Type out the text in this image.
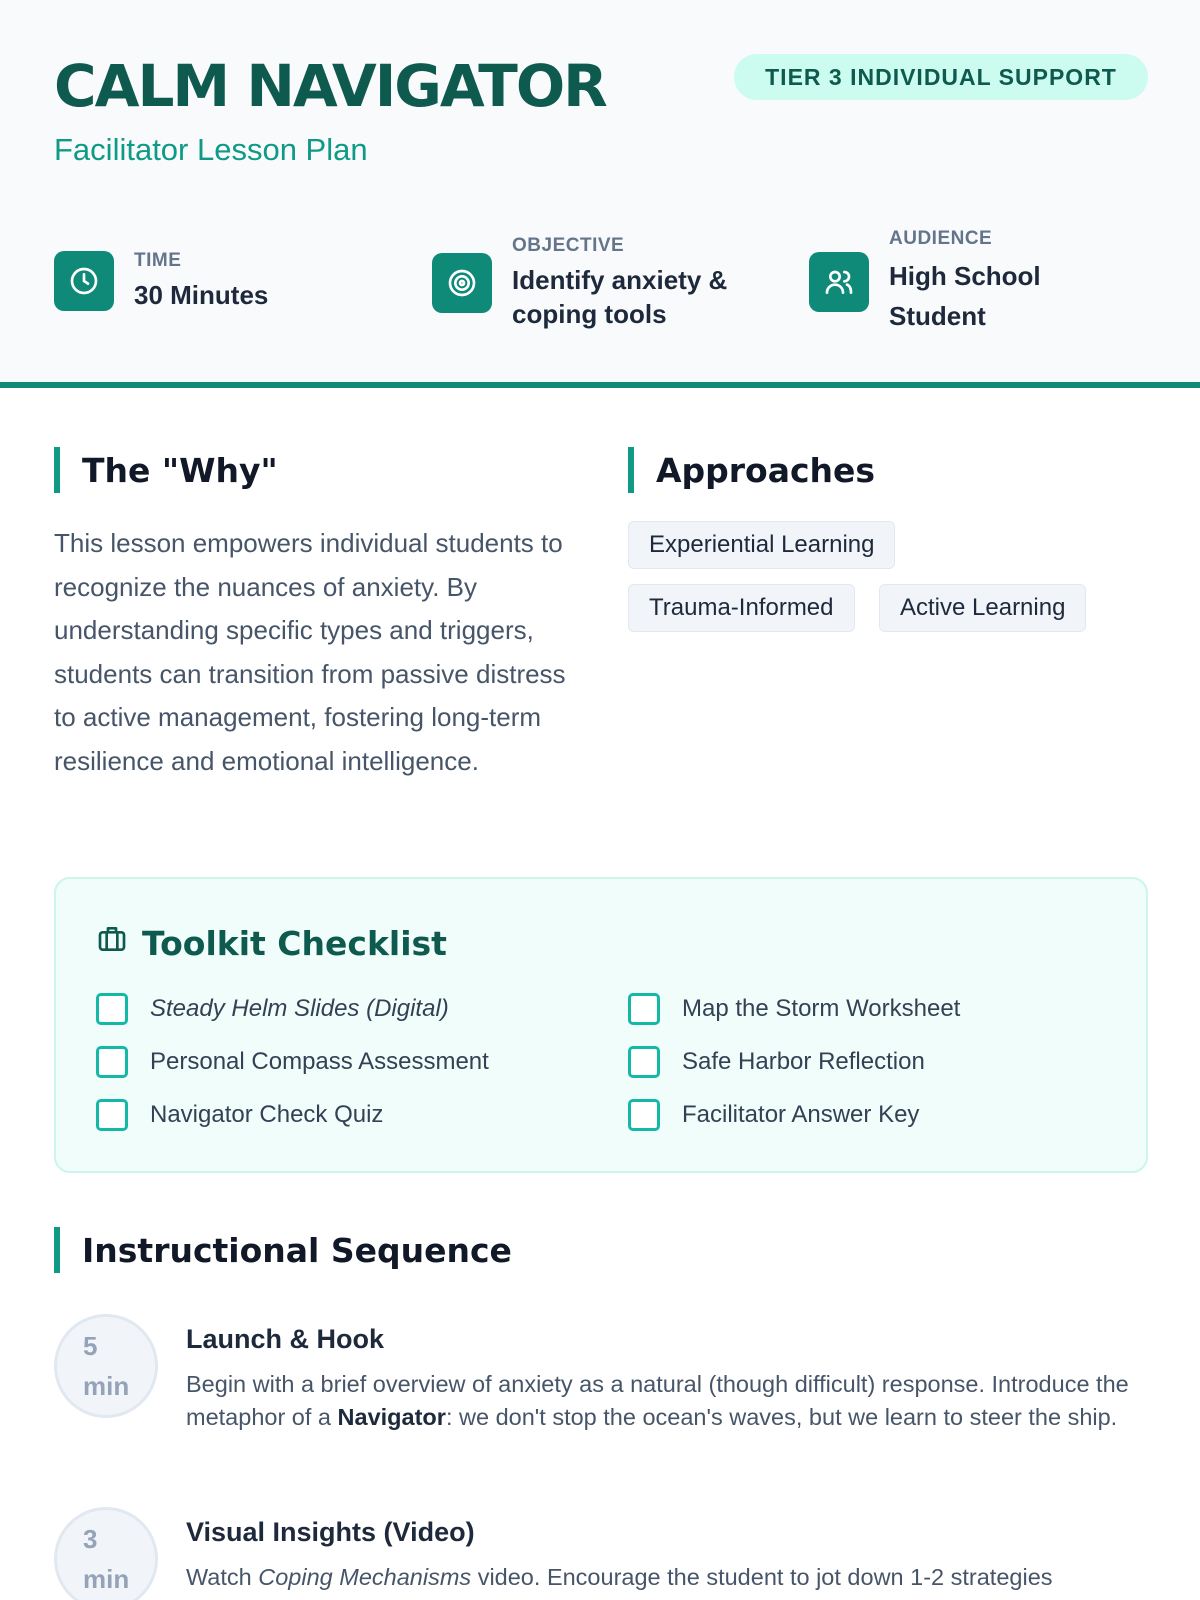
CALM NAVIGATOR
Facilitator Lesson Plan
TIER 3 INDIVIDUAL SUPPORT
TIME
30 Minutes
OBJECTIVE
Identify anxiety &
coping tools
AUDIENCE
High School
Student
The "Why"
This lesson empowers individual students to recognize the nuances of anxiety. By understanding specific types and triggers, students can transition from passive distress to active management, fostering long-term resilience and emotional intelligence.
Approaches
Experiential Learning
Trauma-Informed	Active Learning
Toolkit Checklist
Steady Helm Slides (Digital)	Map the Storm Worksheet
Personal Compass Assessment	Safe Harbor Reflection
Navigator Check Quiz	Facilitator Answer Key
Instructional Sequence
5
min
Launch & Hook
Begin with a brief overview of anxiety as a natural (though difficult) response. Introduce the metaphor of a Navigator: we don't stop the ocean's waves, but we learn to steer the ship.
3
min
Visual Insights (Video)
Watch Coping Mechanisms video. Encourage the student to jot down 1-2 strategies
